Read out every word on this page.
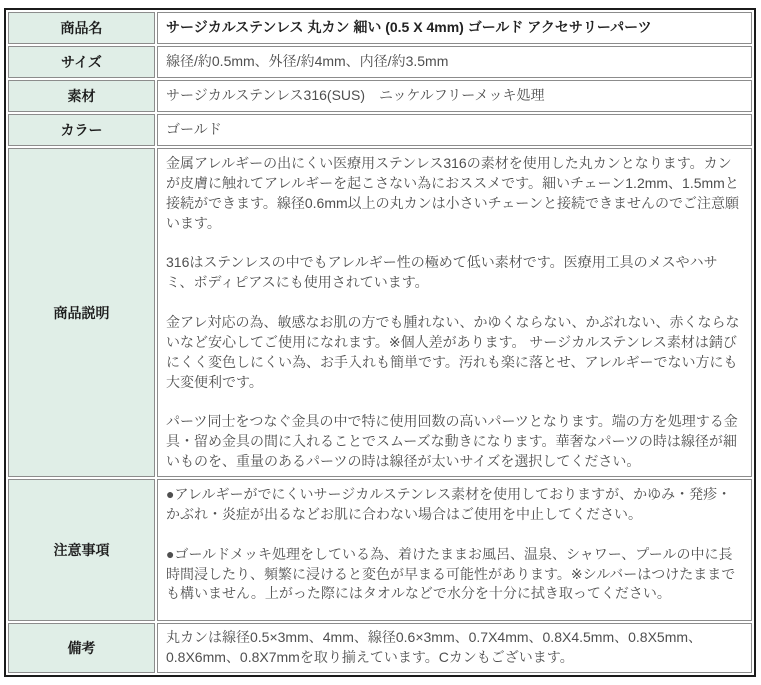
商品名	サージカルステンレス 丸カン 細い (0.5 X 4mm) ゴールド アクセサリーパーツ

サイズ	線径/約0.5mm、外径/約4mm、内径/約3.5mm

素材	サージカルステンレス316(SUS)　ニッケルフリーメッキ処理

カラー	ゴールド

商品説明	金属アレルギーの出にくい医療用ステンレス316の素材を使用した丸カンとなります。カンが皮膚に触れてアレルギーを起こさない為におススメです。細いチェーン1.2mm、1.5mmと接続ができます。線径0.6mm以上の丸カンは小さいチェーンと接続できませんのでご注意願います。

316はステンレスの中でもアレルギー性の極めて低い素材です。医療用工具のメスやハサミ、ボディピアスにも使用されています。

金アレ対応の為、敏感なお肌の方でも腫れない、かゆくならない、かぶれない、赤くならないなど安心してご使用になれます。※個人差があります。 サージカルステンレス素材は錆びにくく変色しにくい為、お手入れも簡単です。汚れも楽に落とせ、アレルギーでない方にも大変便利です。

パーツ同士をつなぐ金具の中で特に使用回数の高いパーツとなります。端の方を処理する金具・留め金具の間に入れることでスムーズな動きになります。華奢なパーツの時は線径が細いものを、重量のあるパーツの時は線径が太いサイズを選択してください。

注意事項	●アレルギーがでにくいサージカルステンレス素材を使用しておりますが、かゆみ・発疹・かぶれ・炎症が出るなどお肌に合わない場合はご使用を中止してください。

●ゴールドメッキ処理をしている為、着けたままお風呂、温泉、シャワー、プールの中に長時間浸したり、頻繁に浸けると変色が早まる可能性があります。※シルバーはつけたままでも構いません。上がった際にはタオルなどで水分を十分に拭き取ってください。

備考	丸カンは線径0.5×3mm、4mm、線径0.6×3mm、0.7X4mm、0.8X4.5mm、0.8X5mm、0.8X6mm、0.8X7mmを取り揃えています。Cカンもございます。
